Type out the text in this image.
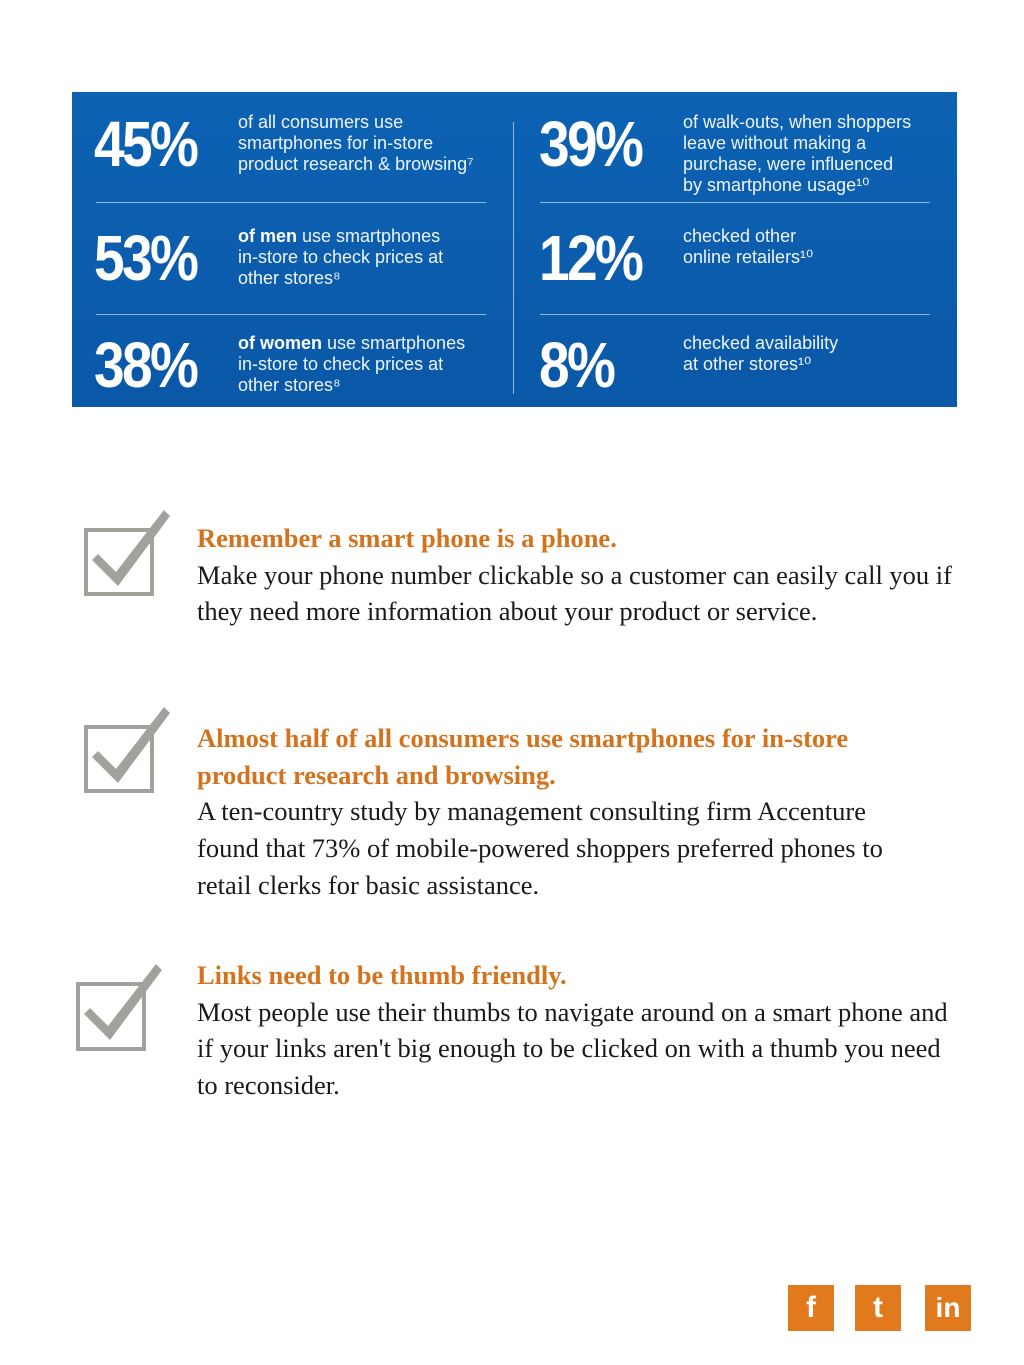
45%	of all consumers use
smartphones for in-store
product research & browsing⁷
53%	of men use smartphones
in-store to check prices at
other stores⁸
38%	of women use smartphones
in-store to check prices at
other stores⁸
39%	of walk-outs, when shoppers
leave without making a
purchase, were influenced
by smartphone usage¹⁰
12%	checked other
online retailers¹⁰
8%	checked availability
at other stores¹⁰
Remember a smart phone is a phone.
Make your phone number clickable so a customer can easily call you if they need more information about your product or service.
Almost half of all consumers use smartphones for in-store product research and browsing.
A ten-country study by management consulting firm Accenture found that 73% of mobile-powered shoppers preferred phones to retail clerks for basic assistance.
Links need to be thumb friendly.
Most people use their thumbs to navigate around on a smart phone and if your links aren't big enough to be clicked on with a thumb you need to reconsider.
f t in
